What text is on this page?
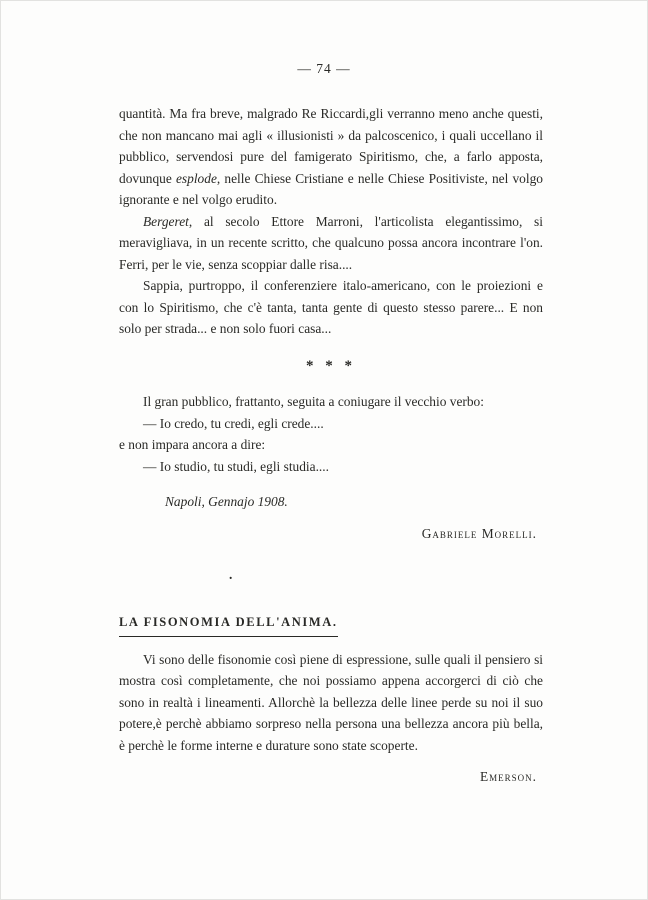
— 74 —

quantità. Ma fra breve, malgrado Re Riccardi,gli verranno meno anche questi, che non mancano mai agli « illusionisti » da palcoscenico, i quali uccellano il pubblico, servendosi pure del famigerato Spiritismo, che, a farlo apposta, dovunque esplode, nelle Chiese Cristiane e nelle Chiese Positiviste, nel volgo ignorante e nel volgo erudito.

Bergeret, al secolo Ettore Marroni, l'articolista elegantissimo, si meravigliava, in un recente scritto, che qualcuno possa ancora incontrare l'on. Ferri, per le vie, senza scoppiar dalle risa....

Sappia, purtroppo, il conferenziere italo-americano, con le proiezioni e con lo Spiritismo, che c'è tanta, tanta gente di questo stesso parere... E non solo per strada... e non solo fuori casa...

* * *

Il gran pubblico, frattanto, seguita a coniugare il vecchio verbo:

— Io credo, tu credi, egli crede....
e non impara ancora a dire:
— Io studio, tu studi, egli studia....
Napoli, Gennajo 1908.
Gabriele Morelli.
.
LA FISONOMIA DELL'ANIMA.

Vi sono delle fisonomie così piene di espressione, sulle quali il pensiero si mostra così completamente, che noi possiamo appena accorgerci di ciò che sono in realtà i lineamenti. Allorchè la bellezza delle linee perde su noi il suo potere,è perchè abbiamo sorpreso nella persona una bellezza ancora più bella, è perchè le forme interne e durature sono state scoperte.

Emerson.
